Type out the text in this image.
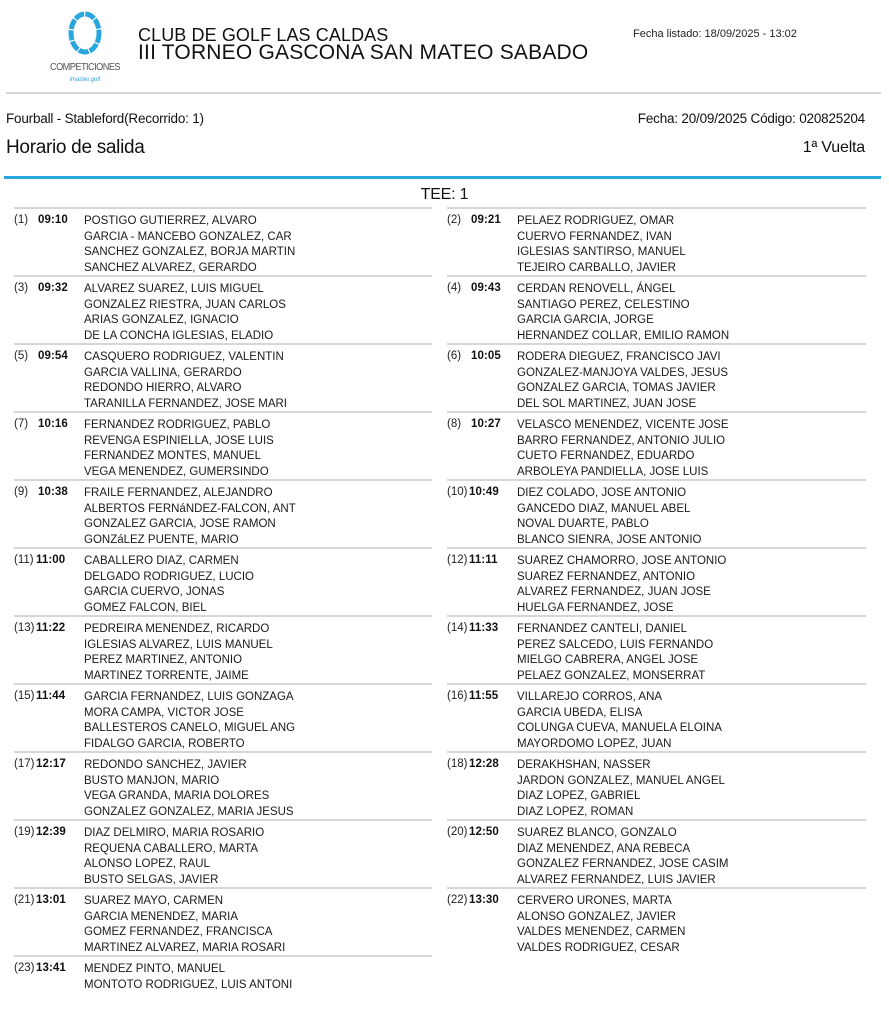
COMPETICIONES
imaster.golf
CLUB DE GOLF LAS CALDAS
III TORNEO GASCONA SAN MATEO SABADO
Fecha listado: 18/09/2025 - 13:02
Fourball - Stableford(Recorrido: 1)	Fecha: 20/09/2025 Código: 020825204
Horario de salida	1ª Vuelta
TEE: 1
(1) 09:10 POSTIGO GUTIERREZ, ALVARO
GARCIA - MANCEBO GONZALEZ, CAR
SANCHEZ GONZALEZ, BORJA MARTIN
SANCHEZ ALVAREZ, GERARDO
(3) 09:32 ALVAREZ SUAREZ, LUIS MIGUEL
GONZALEZ RIESTRA, JUAN CARLOS
ARIAS GONZALEZ, IGNACIO
DE LA CONCHA IGLESIAS, ELADIO
(5) 09:54 CASQUERO RODRIGUEZ, VALENTIN
GARCIA VALLINA, GERARDO
REDONDO HIERRO, ALVARO
TARANILLA FERNANDEZ, JOSE MARI
(7) 10:16 FERNANDEZ RODRIGUEZ, PABLO
REVENGA ESPINIELLA, JOSE LUIS
FERNANDEZ MONTES, MANUEL
VEGA MENENDEZ, GUMERSINDO
(9) 10:38 FRAILE FERNANDEZ, ALEJANDRO
ALBERTOS FERNáNDEZ-FALCON, ANT
GONZALEZ GARCIA, JOSE RAMON
GONZáLEZ PUENTE, MARIO
(11) 11:00 CABALLERO DIAZ, CARMEN
DELGADO RODRIGUEZ, LUCIO
GARCIA CUERVO, JONAS
GOMEZ FALCON, BIEL
(13) 11:22 PEDREIRA MENENDEZ, RICARDO
IGLESIAS ALVAREZ, LUIS MANUEL
PEREZ MARTINEZ, ANTONIO
MARTINEZ TORRENTE, JAIME
(15) 11:44 GARCIA FERNANDEZ, LUIS GONZAGA
MORA CAMPA, VICTOR JOSE
BALLESTEROS CANELO, MIGUEL ANG
FIDALGO GARCIA, ROBERTO
(17) 12:17 REDONDO SANCHEZ, JAVIER
BUSTO MANJON, MARIO
VEGA GRANDA, MARIA DOLORES
GONZALEZ GONZALEZ, MARIA JESUS
(19) 12:39 DIAZ DELMIRO, MARIA ROSARIO
REQUENA CABALLERO, MARTA
ALONSO LOPEZ, RAUL
BUSTO SELGAS, JAVIER
(21) 13:01 SUAREZ MAYO, CARMEN
GARCIA MENENDEZ, MARIA
GOMEZ FERNANDEZ, FRANCISCA
MARTINEZ ALVAREZ, MARIA ROSARI
(23) 13:41 MENDEZ PINTO, MANUEL
MONTOTO RODRIGUEZ, LUIS ANTONI
(2) 09:21 PELAEZ RODRIGUEZ, OMAR
CUERVO FERNANDEZ, IVAN
IGLESIAS SANTIRSO, MANUEL
TEJEIRO CARBALLO, JAVIER
(4) 09:43 CERDAN RENOVELL, ÁNGEL
SANTIAGO PEREZ, CELESTINO
GARCIA GARCIA, JORGE
HERNANDEZ COLLAR, EMILIO RAMON
(6) 10:05 RODERA DIEGUEZ, FRANCISCO JAVI
GONZALEZ-MANJOYA VALDES, JESUS
GONZALEZ GARCIA, TOMAS JAVIER
DEL SOL MARTINEZ, JUAN JOSE
(8) 10:27 VELASCO MENENDEZ, VICENTE JOSE
BARRO FERNANDEZ, ANTONIO JULIO
CUETO FERNANDEZ, EDUARDO
ARBOLEYA PANDIELLA, JOSE LUIS
(10) 10:49 DIEZ COLADO, JOSE ANTONIO
GANCEDO DIAZ, MANUEL ABEL
NOVAL DUARTE, PABLO
BLANCO SIENRA, JOSE ANTONIO
(12) 11:11 SUAREZ CHAMORRO, JOSE ANTONIO
SUAREZ FERNANDEZ, ANTONIO
ALVAREZ FERNANDEZ, JUAN JOSE
HUELGA FERNANDEZ, JOSE
(14) 11:33 FERNANDEZ CANTELI, DANIEL
PEREZ SALCEDO, LUIS FERNANDO
MIELGO CABRERA, ANGEL JOSE
PELAEZ GONZALEZ, MONSERRAT
(16) 11:55 VILLAREJO CORROS, ANA
GARCIA UBEDA, ELISA
COLUNGA CUEVA, MANUELA ELOINA
MAYORDOMO LOPEZ, JUAN
(18) 12:28 DERAKHSHAN, NASSER
JARDON GONZALEZ, MANUEL ANGEL
DIAZ LOPEZ, GABRIEL
DIAZ LOPEZ, ROMAN
(20) 12:50 SUAREZ BLANCO, GONZALO
DIAZ MENENDEZ, ANA REBECA
GONZALEZ FERNANDEZ, JOSE CASIM
ALVAREZ FERNANDEZ, LUIS JAVIER
(22) 13:30 CERVERO URONES, MARTA
ALONSO GONZALEZ, JAVIER
VALDES MENENDEZ, CARMEN
VALDES RODRIGUEZ, CESAR
